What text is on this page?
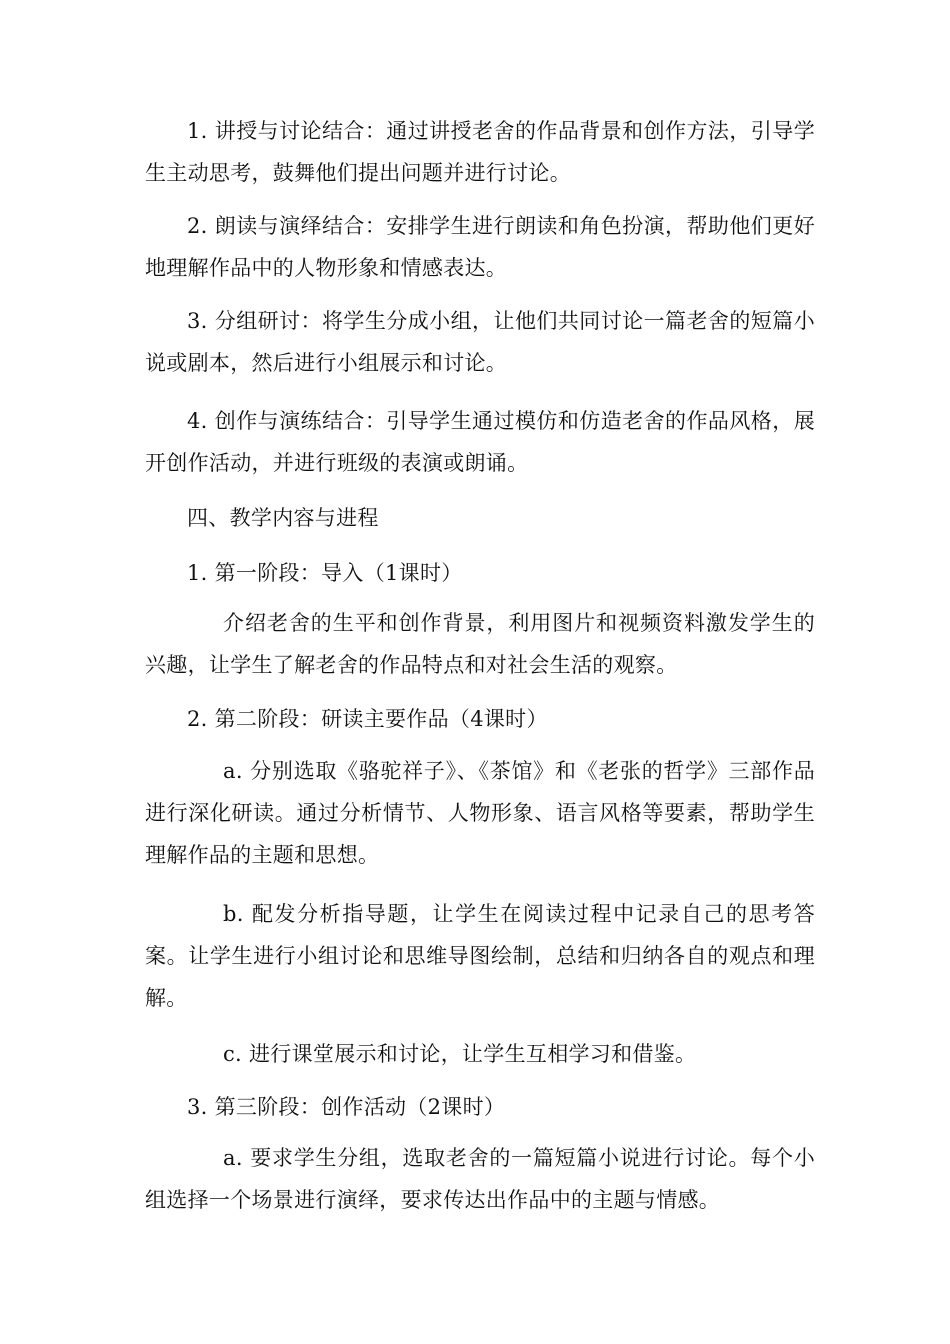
1. 讲授与讨论结合：通过讲授老舍的作品背景和创作方法，引导学生主动思考，鼓舞他们提出问题并进行讨论。

2. 朗读与演绎结合：安排学生进行朗读和角色扮演，帮助他们更好地理解作品中的人物形象和情感表达。

3. 分组研讨：将学生分成小组，让他们共同讨论一篇老舍的短篇小说或剧本，然后进行小组展示和讨论。

4. 创作与演练结合：引导学生通过模仿和仿造老舍的作品风格，展开创作活动，并进行班级的表演或朗诵。

四、教学内容与进程

1. 第一阶段：导入（1课时）

介绍老舍的生平和创作背景，利用图片和视频资料激发学生的兴趣，让学生了解老舍的作品特点和对社会生活的观察。

2. 第二阶段：研读主要作品（4课时）

a. 分别选取《骆驼祥子》、《茶馆》和《老张的哲学》三部作品进行深化研读。通过分析情节、人物形象、语言风格等要素，帮助学生理解作品的主题和思想。

b. 配发分析指导题，让学生在阅读过程中记录自己的思考答案。让学生进行小组讨论和思维导图绘制，总结和归纳各自的观点和理解。

c. 进行课堂展示和讨论，让学生互相学习和借鉴。

3. 第三阶段：创作活动（2课时）

a. 要求学生分组，选取老舍的一篇短篇小说进行讨论。每个小组选择一个场景进行演绎，要求传达出作品中的主题与情感。
